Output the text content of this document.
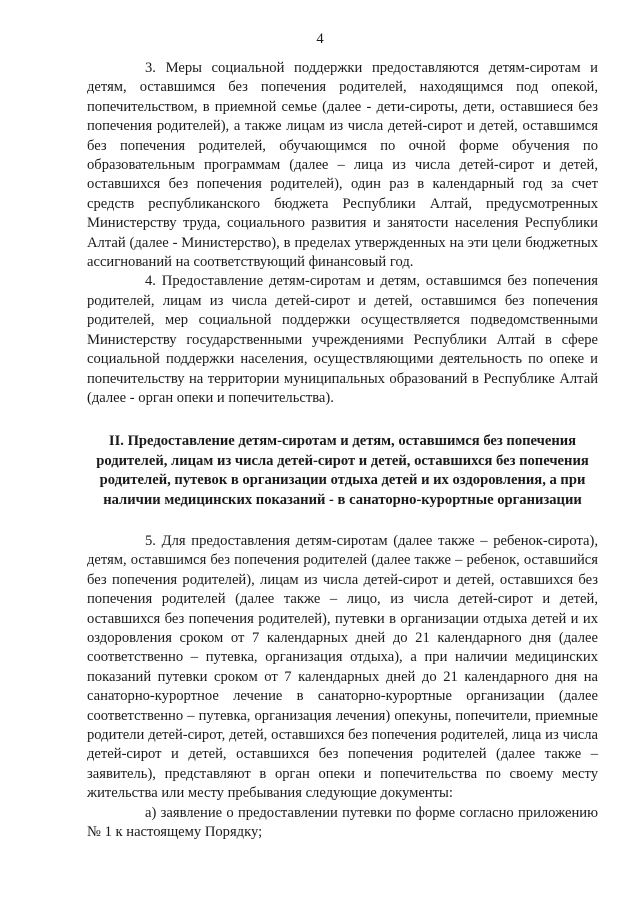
4

3. Меры социальной поддержки предоставляются детям-сиротам и детям, оставшимся без попечения родителей, находящимся под опекой, попечительством, в приемной семье (далее - дети-сироты, дети, оставшиеся без попечения родителей), а также лицам из числа детей-сирот и детей, оставшимся без попечения родителей, обучающимся по очной форме обучения по образовательным программам (далее – лица из числа детей-сирот и детей, оставшихся без попечения родителей), один раз в календарный год за счет средств республиканского бюджета Республики Алтай, предусмотренных Министерству труда, социального развития и занятости населения Республики Алтай (далее - Министерство), в пределах утвержденных на эти цели бюджетных ассигнований на соответствующий финансовый год.

4. Предоставление детям-сиротам и детям, оставшимся без попечения родителей, лицам из числа детей-сирот и детей, оставшимся без попечения родителей, мер социальной поддержки осуществляется подведомственными Министерству государственными учреждениями Республики Алтай в сфере социальной поддержки населения, осуществляющими деятельность по опеке и попечительству на территории муниципальных образований в Республике Алтай (далее - орган опеки и попечительства).

II. Предоставление детям-сиротам и детям, оставшимся без попечения родителей, лицам из числа детей-сирот и детей, оставшихся без попечения родителей, путевок в организации отдыха детей и их оздоровления, а при наличии медицинских показаний - в санаторно-курортные организации

5. Для предоставления детям-сиротам (далее также – ребенок-сирота), детям, оставшимся без попечения родителей (далее также – ребенок, оставшийся без попечения родителей), лицам из числа детей-сирот и детей, оставшихся без попечения родителей (далее также – лицо, из числа детей-сирот и детей, оставшихся без попечения родителей), путевки в организации отдыха детей и их оздоровления сроком от 7 календарных дней до 21 календарного дня (далее соответственно – путевка, организация отдыха), а при наличии медицинских показаний путевки сроком от 7 календарных дней до 21 календарного дня на санаторно-курортное лечение в санаторно-курортные организации (далее соответственно – путевка, организация лечения) опекуны, попечители, приемные родители детей-сирот, детей, оставшихся без попечения родителей, лица из числа детей-сирот и детей, оставшихся без попечения родителей (далее также – заявитель), представляют в орган опеки и попечительства по своему месту жительства или месту пребывания следующие документы:

а) заявление о предоставлении путевки по форме согласно приложению № 1 к настоящему Порядку;
